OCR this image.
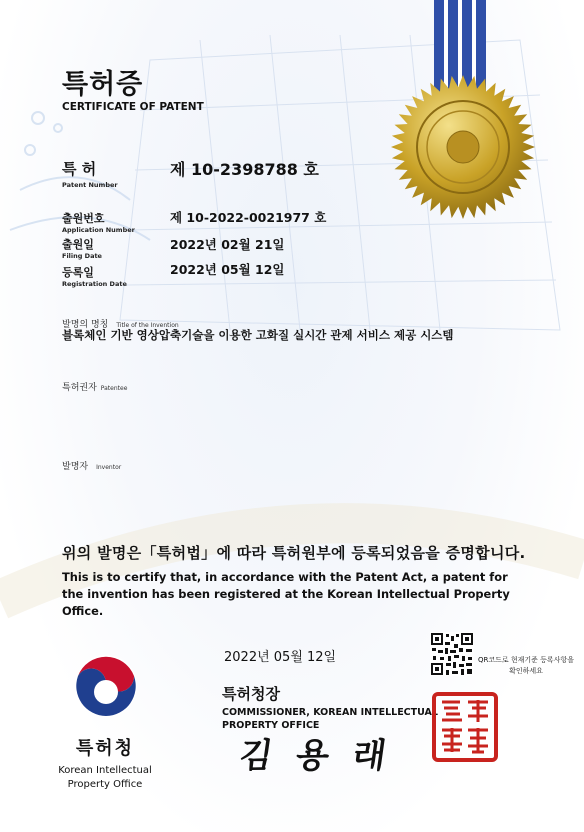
특허증
CERTIFICATE OF PATENT
특 허
Patent Number
제 10-2398788 호
출원번호
Application Number
제 10-2022-0021977 호
출원일
Filing Date
2022년 02월 21일
등록일
Registration Date
2022년 05월 12일
발명의 명칭 Title of the Invention
블록체인 기반 영상압축기술을 이용한 고화질 실시간 관제 서비스 제공 시스템
특허권자 Patentee
발명자 Inventor
위의 발명은「특허법」에 따라 특허원부에 등록되었음을 증명합니다.
This is to certify that, in accordance with the Patent Act, a patent for the invention has been registered at the Korean Intellectual Property Office.
2022년 05월 12일	QR코드로 현재기준 등록사항을 확인하세요
특허청장
COMMISSIONER, KOREAN INTELLECTUAL PROPERTY OFFICE
김 용 래
특허청
Korean Intellectual Property Office
